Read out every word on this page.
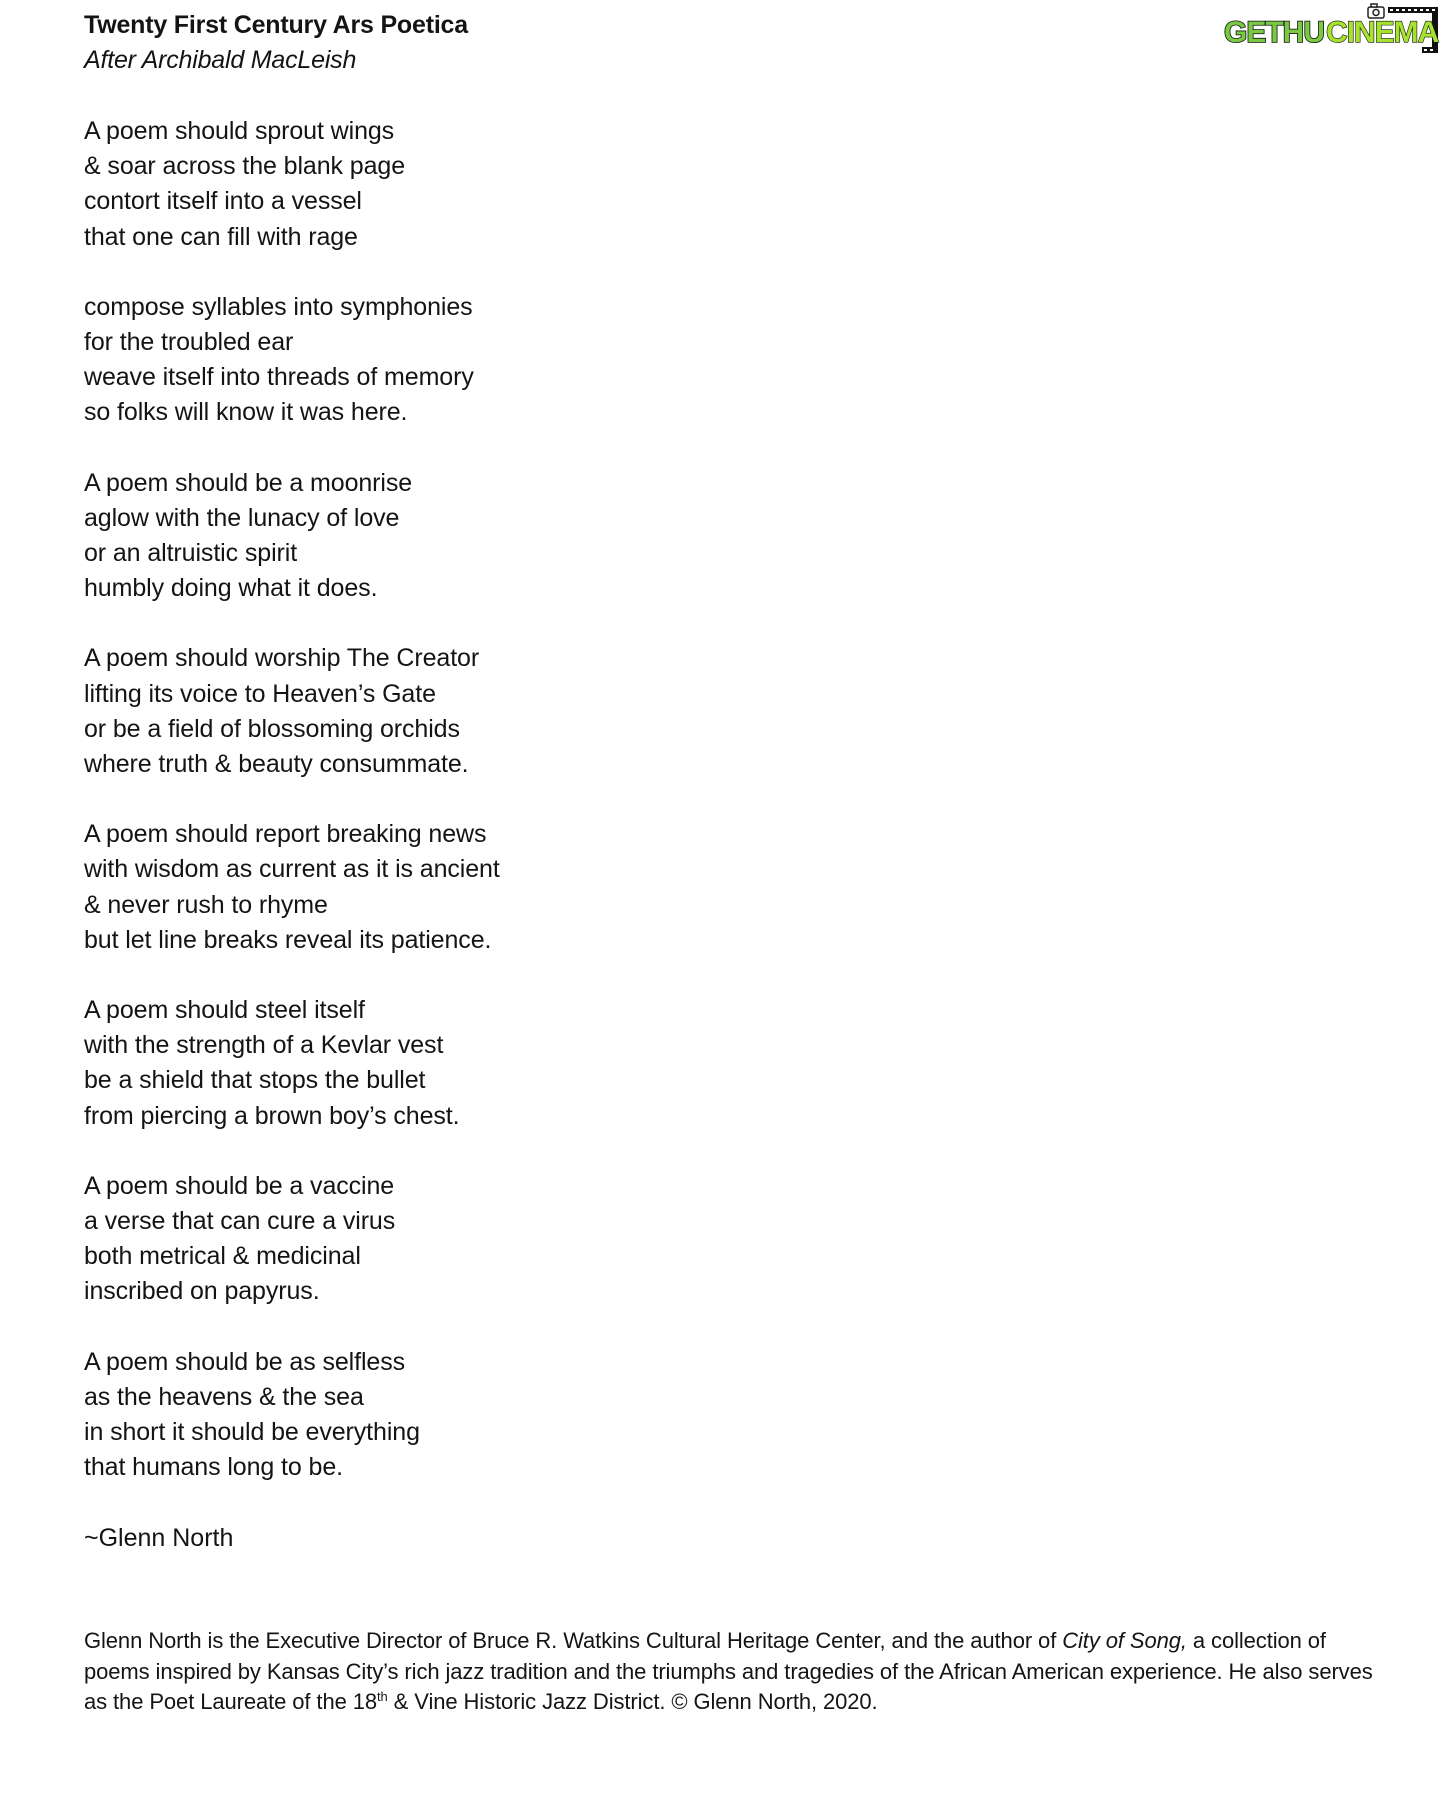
Twenty First Century Ars Poetica
After Archibald MacLeish
GETHU CINEMA
A poem should sprout wings
& soar across the blank page
contort itself into a vessel
that one can fill with rage
compose syllables into symphonies
for the troubled ear
weave itself into threads of memory
so folks will know it was here.
A poem should be a moonrise
aglow with the lunacy of love
or an altruistic spirit
humbly doing what it does.
A poem should worship The Creator
lifting its voice to Heaven’s Gate
or be a field of blossoming orchids
where truth & beauty consummate.
A poem should report breaking news
with wisdom as current as it is ancient
& never rush to rhyme
but let line breaks reveal its patience.
A poem should steel itself
with the strength of a Kevlar vest
be a shield that stops the bullet
from piercing a brown boy’s chest.
A poem should be a vaccine
a verse that can cure a virus
both metrical & medicinal
inscribed on papyrus.
A poem should be as selfless
as the heavens & the sea
in short it should be everything
that humans long to be.
~Glenn North
Glenn North is the Executive Director of Bruce R. Watkins Cultural Heritage Center, and the author of City of Song, a collection of poems inspired by Kansas City’s rich jazz tradition and the triumphs and tragedies of the African American experience. He also serves as the Poet Laureate of the 18th & Vine Historic Jazz District. © Glenn North, 2020.
